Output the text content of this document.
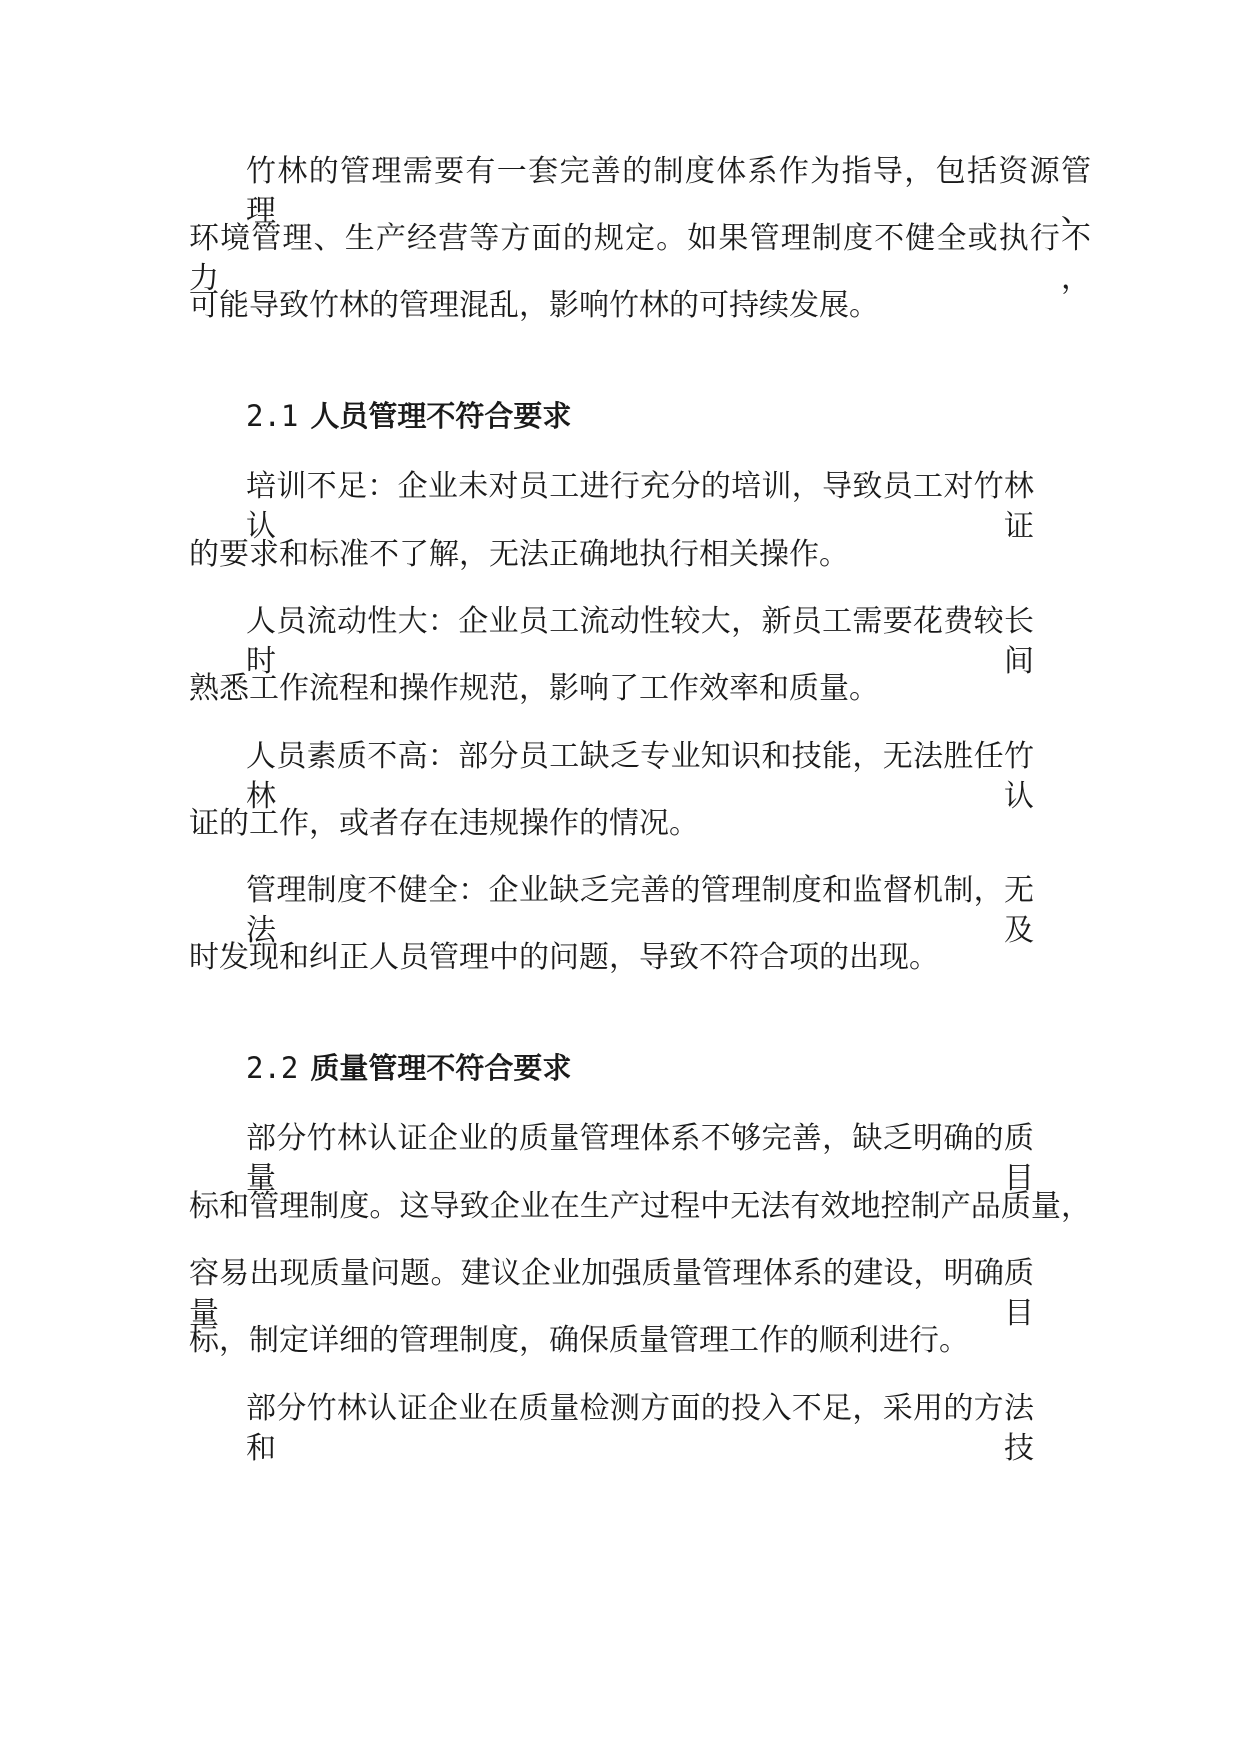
竹林的管理需要有一套完善的制度体系作为指导，包括资源管理、
环境管理、生产经营等方面的规定。如果管理制度不健全或执行不力，
可能导致竹林的管理混乱，影响竹林的可持续发展。
2.1 人员管理不符合要求
培训不足：企业未对员工进行充分的培训，导致员工对竹林认证
的要求和标准不了解，无法正确地执行相关操作。
人员流动性大：企业员工流动性较大，新员工需要花费较长时间
熟悉工作流程和操作规范，影响了工作效率和质量。
人员素质不高：部分员工缺乏专业知识和技能，无法胜任竹林认
证的工作，或者存在违规操作的情况。
管理制度不健全：企业缺乏完善的管理制度和监督机制，无法及
时发现和纠正人员管理中的问题，导致不符合项的出现。
2.2 质量管理不符合要求
部分竹林认证企业的质量管理体系不够完善，缺乏明确的质量目
标和管理制度。这导致企业在生产过程中无法有效地控制产品质量，
容易出现质量问题。建议企业加强质量管理体系的建设，明确质量目
标，制定详细的管理制度，确保质量管理工作的顺利进行。
部分竹林认证企业在质量检测方面的投入不足，采用的方法和技
